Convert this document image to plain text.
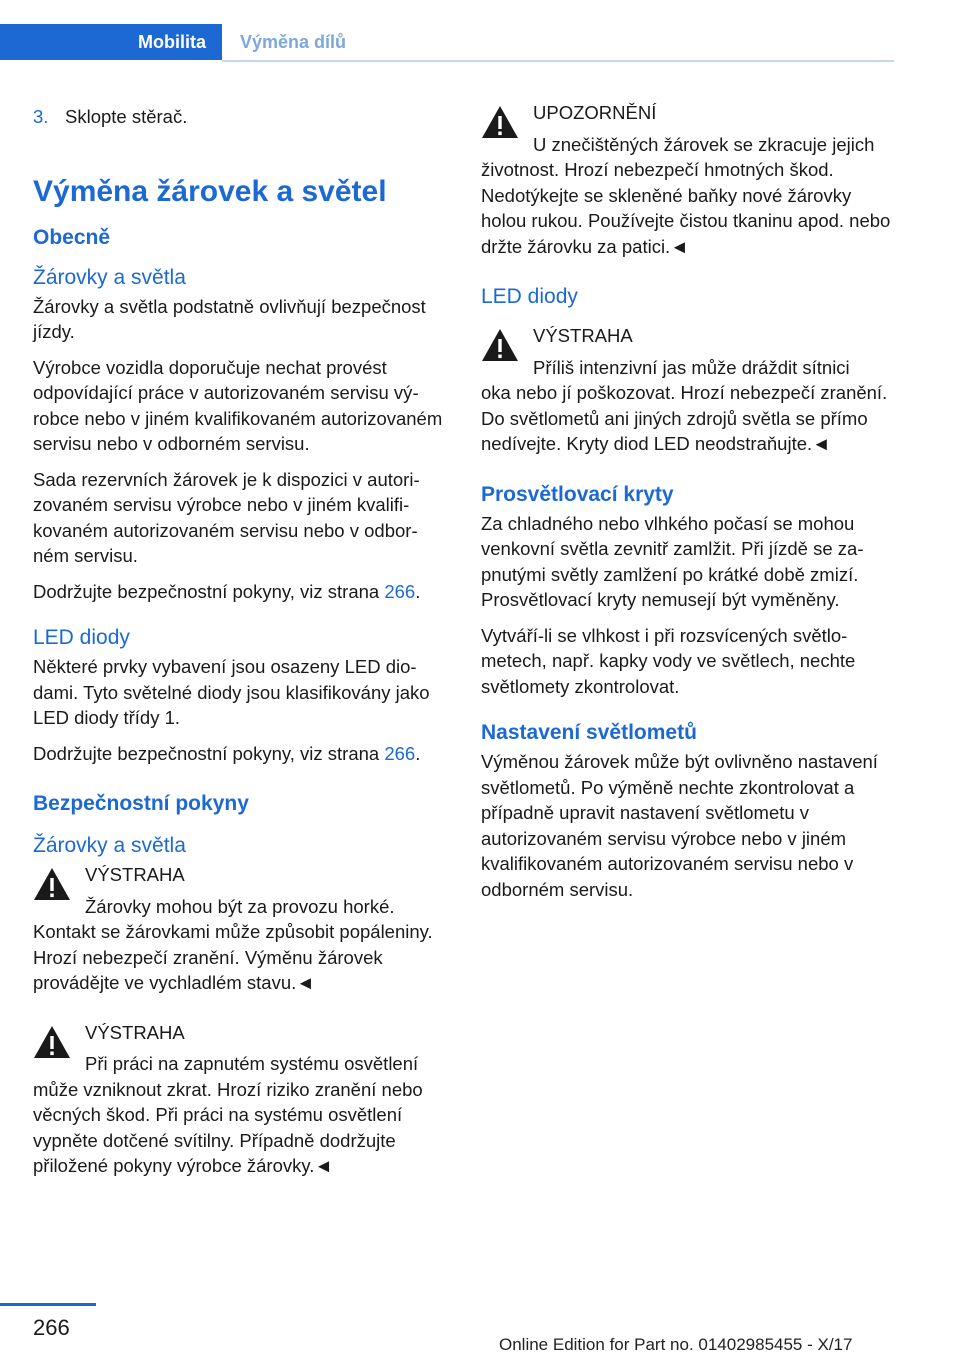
Mobilita	Výměna dílů
3. Sklopte stěrač.
Výměna žárovek a světel
Obecně
Žárovky a světla

Žárovky a světla podstatně ovlivňují bezpečnost jízdy.

Výrobce vozidla doporučuje nechat provést odpovídající práce v autorizovaném servisu výrobce nebo v jiném kvalifikovaném autorizovaném servisu nebo v odborném servisu.

Sada rezervních žárovek je k dispozici v autorizovaném servisu výrobce nebo v jiném kvalifikovaném autorizovaném servisu nebo v odborném servisu.

Dodržujte bezpečnostní pokyny, viz strana 266.

LED diody

Některé prvky vybavení jsou osazeny LED diodami. Tyto světelné diody jsou klasifikovány jako LED diody třídy 1.

Dodržujte bezpečnostní pokyny, viz strana 266.

Bezpečnostní pokyny
Žárovky a světla
VÝSTRAHA
Žárovky mohou být za provozu horké.
Kontakt se žárovkami může způsobit popáleniny. Hrozí nebezpečí zranění. Výměnu žárovek provádějte ve vychladlém stavu.◄
VÝSTRAHA
Při práci na zapnutém systému osvětlení
může vzniknout zkrat. Hrozí riziko zranění nebo věcných škod. Při práci na systému osvětlení vypněte dotčené svítilny. Případně dodržujte přiložené pokyny výrobce žárovky.◄
UPOZORNĚNÍ
U znečištěných žárovek se zkracuje jejich
životnost. Hrozí nebezpečí hmotných škod. Nedotýkejte se skleněné baňky nové žárovky holou rukou. Používejte čistou tkaninu apod. nebo držte žárovku za patici.◄
LED diody
VÝSTRAHA
Příliš intenzivní jas může dráždit sítnici
oka nebo jí poškozovat. Hrozí nebezpečí zranění. Do světlometů ani jiných zdrojů světla se přímo nedívejte. Kryty diod LED neodstraňujte.◄
Prosvětlovací kryty

Za chladného nebo vlhkého počasí se mohou venkovní světla zevnitř zamlžit. Při jízdě se zapnutými světly zamlžení po krátké době zmizí. Prosvětlovací kryty nemusejí být vyměněny.

Vytváří-li se vlhkost i při rozsvícených světlometech, např. kapky vody ve světlech, nechte světlomety zkontrolovat.

Nastavení světlometů

Výměnou žárovek může být ovlivněno nastavení světlometů. Po výměně nechte zkontrolovat a případně upravit nastavení světlometu v autorizovaném servisu výrobce nebo v jiném kvalifikovaném autorizovaném servisu nebo v odborném servisu.

266
Online Edition for Part no. 01402985455 - X/17
